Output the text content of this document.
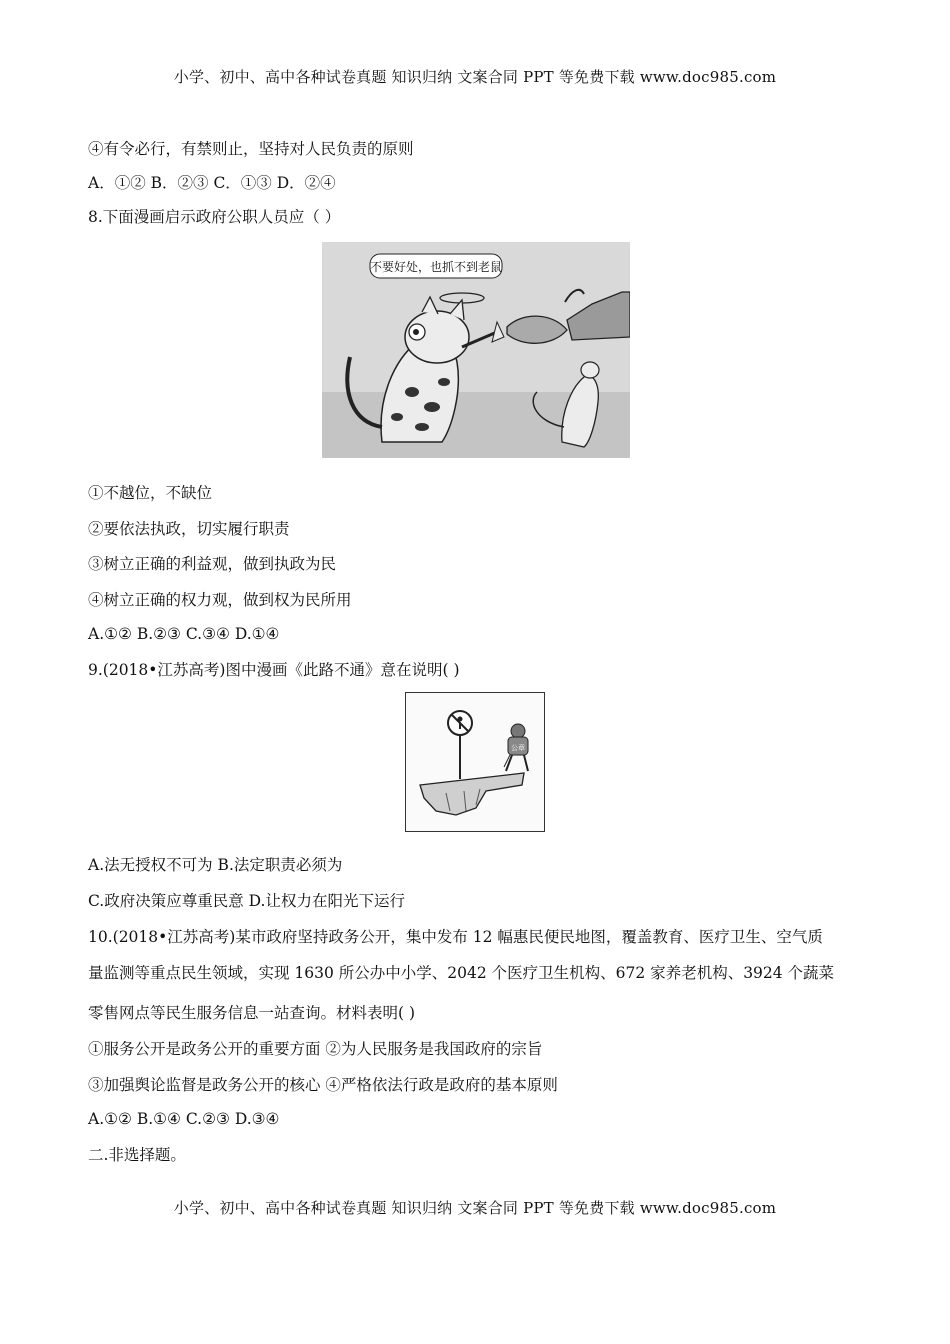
小学、初中、高中各种试卷真题 知识归纳 文案合同 PPT 等免费下载 www.doc985.com
④有令必行，有禁则止，坚持对人民负责的原则
A．①② B．②③ C．①③ D．②④
8.下面漫画启示政府公职人员应（ ）
不要好处，也抓不到老鼠
①不越位，不缺位
②要依法执政，切实履行职责
③树立正确的利益观，做到执政为民
④树立正确的权力观，做到权为民所用
A.①② B.②③ C.③④ D.①④
9.(2018•江苏高考)图中漫画《此路不通》意在说明( )
公章
A.法无授权不可为 B.法定职责必须为
C.政府决策应尊重民意 D.让权力在阳光下运行
10.(2018•江苏高考)某市政府坚持政务公开，集中发布 12 幅惠民便民地图，覆盖教育、医疗卫生、空气质
量监测等重点民生领域，实现 1630 所公办中小学、2042 个医疗卫生机构、672 家养老机构、3924 个蔬菜
零售网点等民生服务信息一站查询。材料表明( )
①服务公开是政务公开的重要方面 ②为人民服务是我国政府的宗旨
③加强舆论监督是政务公开的核心 ④严格依法行政是政府的基本原则
A.①② B.①④ C.②③ D.③④
二.非选择题。
小学、初中、高中各种试卷真题 知识归纳 文案合同 PPT 等免费下载 www.doc985.com
